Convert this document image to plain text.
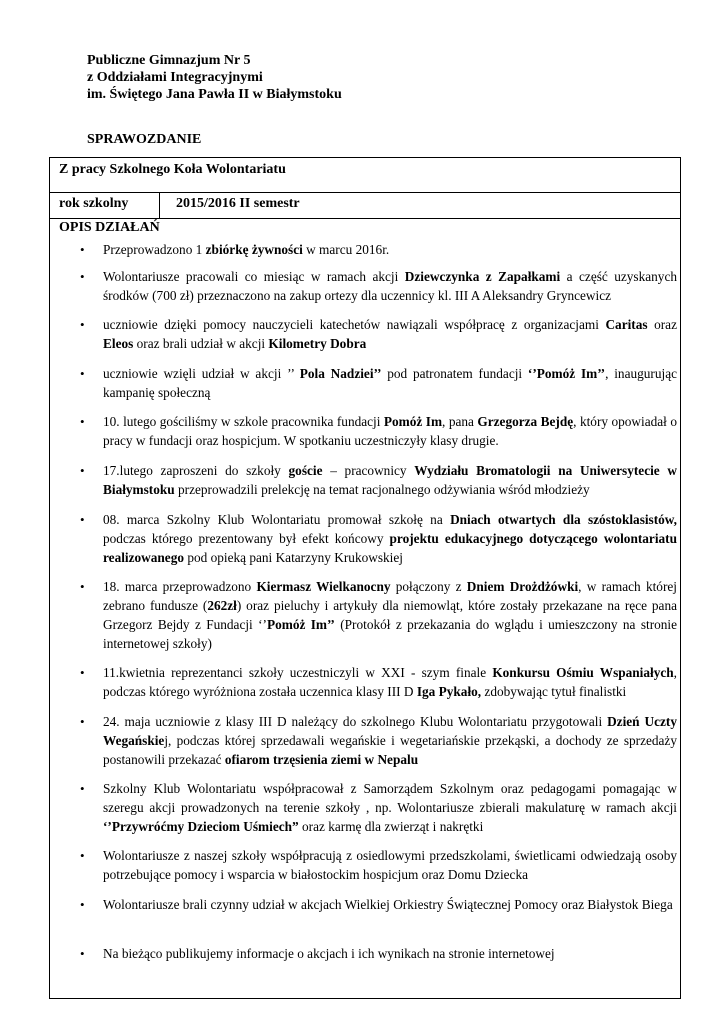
Publiczne Gimnazjum Nr 5
z Oddziałami Integracyjnymi
im. Świętego Jana Pawła II w Białymstoku
SPRAWOZDANIE
Z pracy Szkolnego Koła Wolontariatu
rok szkolny	2015/2016 II semestr
OPIS DZIAŁAŃ
• Przeprowadzono 1 zbiórkę żywności w marcu 2016r.
• Wolontariusze pracowali co miesiąc w ramach akcji Dziewczynka z Zapałkami a część uzyskanych środków (700 zł) przeznaczono na zakup ortezy dla uczennicy kl. III A Aleksandry Gryncewicz
• uczniowie dzięki pomocy nauczycieli katechetów nawiązali współpracę z organizacjami Caritas oraz Eleos oraz brali udział w akcji Kilometry Dobra
• uczniowie wzięli udział w akcji ’’ Pola Nadziei’’ pod patronatem fundacji ‘’Pomóż Im’’, inaugurując kampanię społeczną
• 10. lutego gościliśmy w szkole pracownika fundacji Pomóż Im, pana Grzegorza Bejdę, który opowiadał o pracy w fundacji oraz hospicjum. W spotkaniu uczestniczyły klasy drugie.
• 17.lutego zaproszeni do szkoły goście – pracownicy Wydziału Bromatologii na Uniwersytecie w Białymstoku przeprowadzili prelekcję na temat racjonalnego odżywiania wśród młodzieży
• 08. marca Szkolny Klub Wolontariatu promował szkołę na Dniach otwartych dla szóstoklasistów, podczas którego prezentowany był efekt końcowy projektu edukacyjnego dotyczącego wolontariatu realizowanego pod opieką pani Katarzyny Krukowskiej
• 18. marca przeprowadzono Kiermasz Wielkanocny połączony z Dniem Drożdżówki, w ramach której zebrano fundusze (262zł) oraz pieluchy i artykuły dla niemowląt, które zostały przekazane na ręce pana Grzegorz Bejdy z Fundacji ‘’Pomóż Im’’ (Protokół z przekazania do wglądu i umieszczony na stronie internetowej szkoły)
• 11.kwietnia reprezentanci szkoły uczestniczyli w XXI - szym finale Konkursu Ośmiu Wspaniałych, podczas którego wyróżniona została uczennica klasy III D Iga Pykało, zdobywając tytuł finalistki
• 24. maja uczniowie z klasy III D należący do szkolnego Klubu Wolontariatu przygotowali Dzień Uczty Wegańskiej, podczas której sprzedawali wegańskie i wegetariańskie przekąski, a dochody ze sprzedaży postanowili przekazać ofiarom trzęsienia ziemi w Nepalu
• Szkolny Klub Wolontariatu współpracował z Samorządem Szkolnym oraz pedagogami pomagając w szeregu akcji prowadzonych na terenie szkoły , np. Wolontariusze zbierali makulaturę w ramach akcji ‘’Przywróćmy Dzieciom Uśmiech” oraz karmę dla zwierząt i nakrętki
• Wolontariusze z naszej szkoły współpracują z osiedlowymi przedszkolami, świetlicami odwiedzają osoby potrzebujące pomocy i wsparcia w białostockim hospicjum oraz Domu Dziecka
• Wolontariusze brali czynny udział w akcjach Wielkiej Orkiestry Świątecznej Pomocy oraz Białystok Biega
• Na bieżąco publikujemy informacje o akcjach i ich wynikach na stronie internetowej
